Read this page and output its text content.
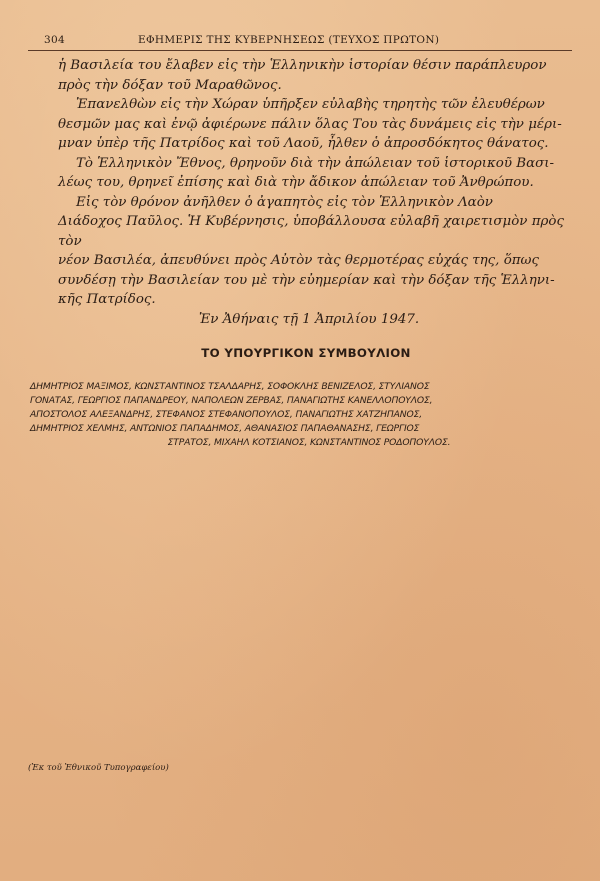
304	ΕΦΗΜΕΡΙΣ ΤΗΣ ΚΥΒΕΡΝΗΣΕΩΣ (ΤΕΥΧΟΣ ΠΡΩΤΟΝ)

ἡ Βασιλεία του ἔλαβεν εἰς τὴν Ἑλληνικὴν ἱστορίαν θέσιν παράπλευρον

πρὸς τὴν δόξαν τοῦ Μαραθῶνος.

Ἐπανελθὼν εἰς τὴν Χώραν ὑπῆρξεν εὐλαβὴς τηρητὴς τῶν ἐλευθέρων

θεσμῶν μας καὶ ἐνῷ ἀφιέρωνε πάλιν ὅλας Του τὰς δυνάμεις εἰς τὴν μέρι-

μναν ὑπὲρ τῆς Πατρίδος καὶ τοῦ Λαοῦ, ἦλθεν ὁ ἀπροσδόκητος θάνατος.

Τὸ Ἑλληνικὸν Ἔθνος, θρηνοῦν διὰ τὴν ἀπώλειαν τοῦ ἱστορικοῦ Βασι-

λέως του, θρηνεῖ ἐπίσης καὶ διὰ τὴν ἄδικον ἀπώλειαν τοῦ Ἀνθρώπου.

Εἰς τὸν θρόνον ἀνῆλθεν ὁ ἀγαπητὸς εἰς τὸν Ἑλληνικὸν Λαὸν

Διάδοχος Παῦλος. Ἡ Κυβέρνησις, ὑποβάλλουσα εὐλαβῆ χαιρετισμὸν πρὸς τὸν

νέον Βασιλέα, ἀπευθύνει πρὸς Αὐτὸν τὰς θερμοτέρας εὐχάς της, ὅπως

συνδέσῃ τὴν Βασιλείαν του μὲ τὴν εὐημερίαν καὶ τὴν δόξαν τῆς Ἑλληνι-

κῆς Πατρίδος.

Ἐν Ἀθήναις τῇ 1 Ἀπριλίου 1947.
ΤΟ ΥΠΟΥΡΓΙΚΟΝ ΣΥΜΒΟΥΛΙΟΝ
ΔΗΜΗΤΡΙΟΣ ΜΑΞΙΜΟΣ, ΚΩΝΣΤΑΝΤΙΝΟΣ ΤΣΑΛΔΑΡΗΣ, ΣΟΦΟΚΛΗΣ ΒΕΝΙΖΕΛΟΣ, ΣΤΥΛΙΑΝΟΣ
ΓΟΝΑΤΑΣ, ΓΕΩΡΓΙΟΣ ΠΑΠΑΝΔΡΕΟΥ, ΝΑΠΟΛΕΩΝ ΖΕΡΒΑΣ, ΠΑΝΑΓΙΩΤΗΣ ΚΑΝΕΛΛΟΠΟΥΛΟΣ,
ΑΠΟΣΤΟΛΟΣ ΑΛΕΞΑΝΔΡΗΣ, ΣΤΕΦΑΝΟΣ ΣΤΕΦΑΝΟΠΟΥΛΟΣ, ΠΑΝΑΓΙΩΤΗΣ ΧΑΤΖΗΠΑΝΟΣ,
ΔΗΜΗΤΡΙΟΣ ΧΕΛΜΗΣ, ΑΝΤΩΝΙΟΣ ΠΑΠΑΔΗΜΟΣ, ΑΘΑΝΑΣΙΟΣ ΠΑΠΑΘΑΝΑΣΗΣ, ΓΕΩΡΓΙΟΣ
ΣΤΡΑΤΟΣ, ΜΙΧΑΗΛ ΚΟΤΣΙΑΝΟΣ, ΚΩΝΣΤΑΝΤΙΝΟΣ ΡΟΔΟΠΟΥΛΟΣ.
(Ἐκ τοῦ Ἐθνικοῦ Τυπογραφείου)
